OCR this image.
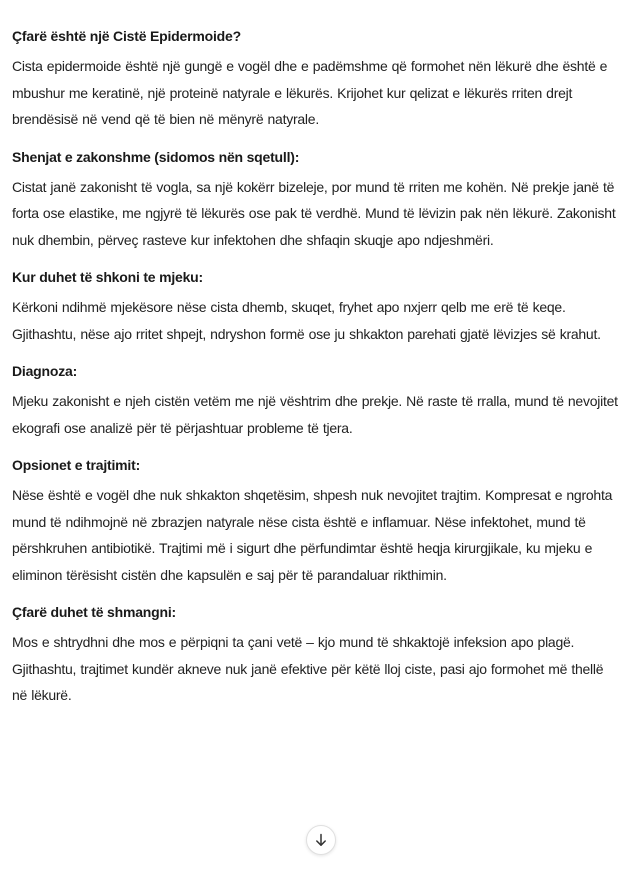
Çfarë është një Cistë Epidermoide?

Cista epidermoide është një gungë e vogël dhe e padëmshme që formohet nën lëkurë dhe është e mbushur me keratinë, një proteinë natyrale e lëkurës. Krijohet kur qelizat e lëkurës rriten drejt brendësisë në vend që të bien në mënyrë natyrale.

Shenjat e zakonshme (sidomos nën sqetull):

Cistat janë zakonisht të vogla, sa një kokërr bizeleje, por mund të rriten me kohën. Në prekje janë të forta ose elastike, me ngjyrë të lëkurës ose pak të verdhë. Mund të lëvizin pak nën lëkurë. Zakonisht nuk dhembin, përveç rasteve kur infektohen dhe shfaqin skuqje apo ndjeshmëri.

Kur duhet të shkoni te mjeku:

Kërkoni ndihmë mjekësore nëse cista dhemb, skuqet, fryhet apo nxjerr qelb me erë të keqe. Gjithashtu, nëse ajo rritet shpejt, ndryshon formë ose ju shkakton parehati gjatë lëvizjes së krahut.

Diagnoza:

Mjeku zakonisht e njeh cistën vetëm me një vështrim dhe prekje. Në raste të rralla, mund të nevojitet ekografi ose analizë për të përjashtuar probleme të tjera.

Opsionet e trajtimit:

Nëse është e vogël dhe nuk shkakton shqetësim, shpesh nuk nevojitet trajtim. Kompresat e ngrohta mund të ndihmojnë në zbrazjen natyrale nëse cista është e inflamuar. Nëse infektohet, mund të përshkruhen antibiotikë. Trajtimi më i sigurt dhe përfundimtar është heqja kirurgjikale, ku mjeku e eliminon tërësisht cistën dhe kapsulën e saj për të parandaluar rikthimin.

Çfarë duhet të shmangni:

Mos e shtrydhni dhe mos e përpiqni ta çani vetë – kjo mund të shkaktojë infeksion apo plagë. Gjithashtu, trajtimet kundër akneve nuk janë efektive për këtë lloj ciste, pasi ajo formohet më thellë në lëkurë.
